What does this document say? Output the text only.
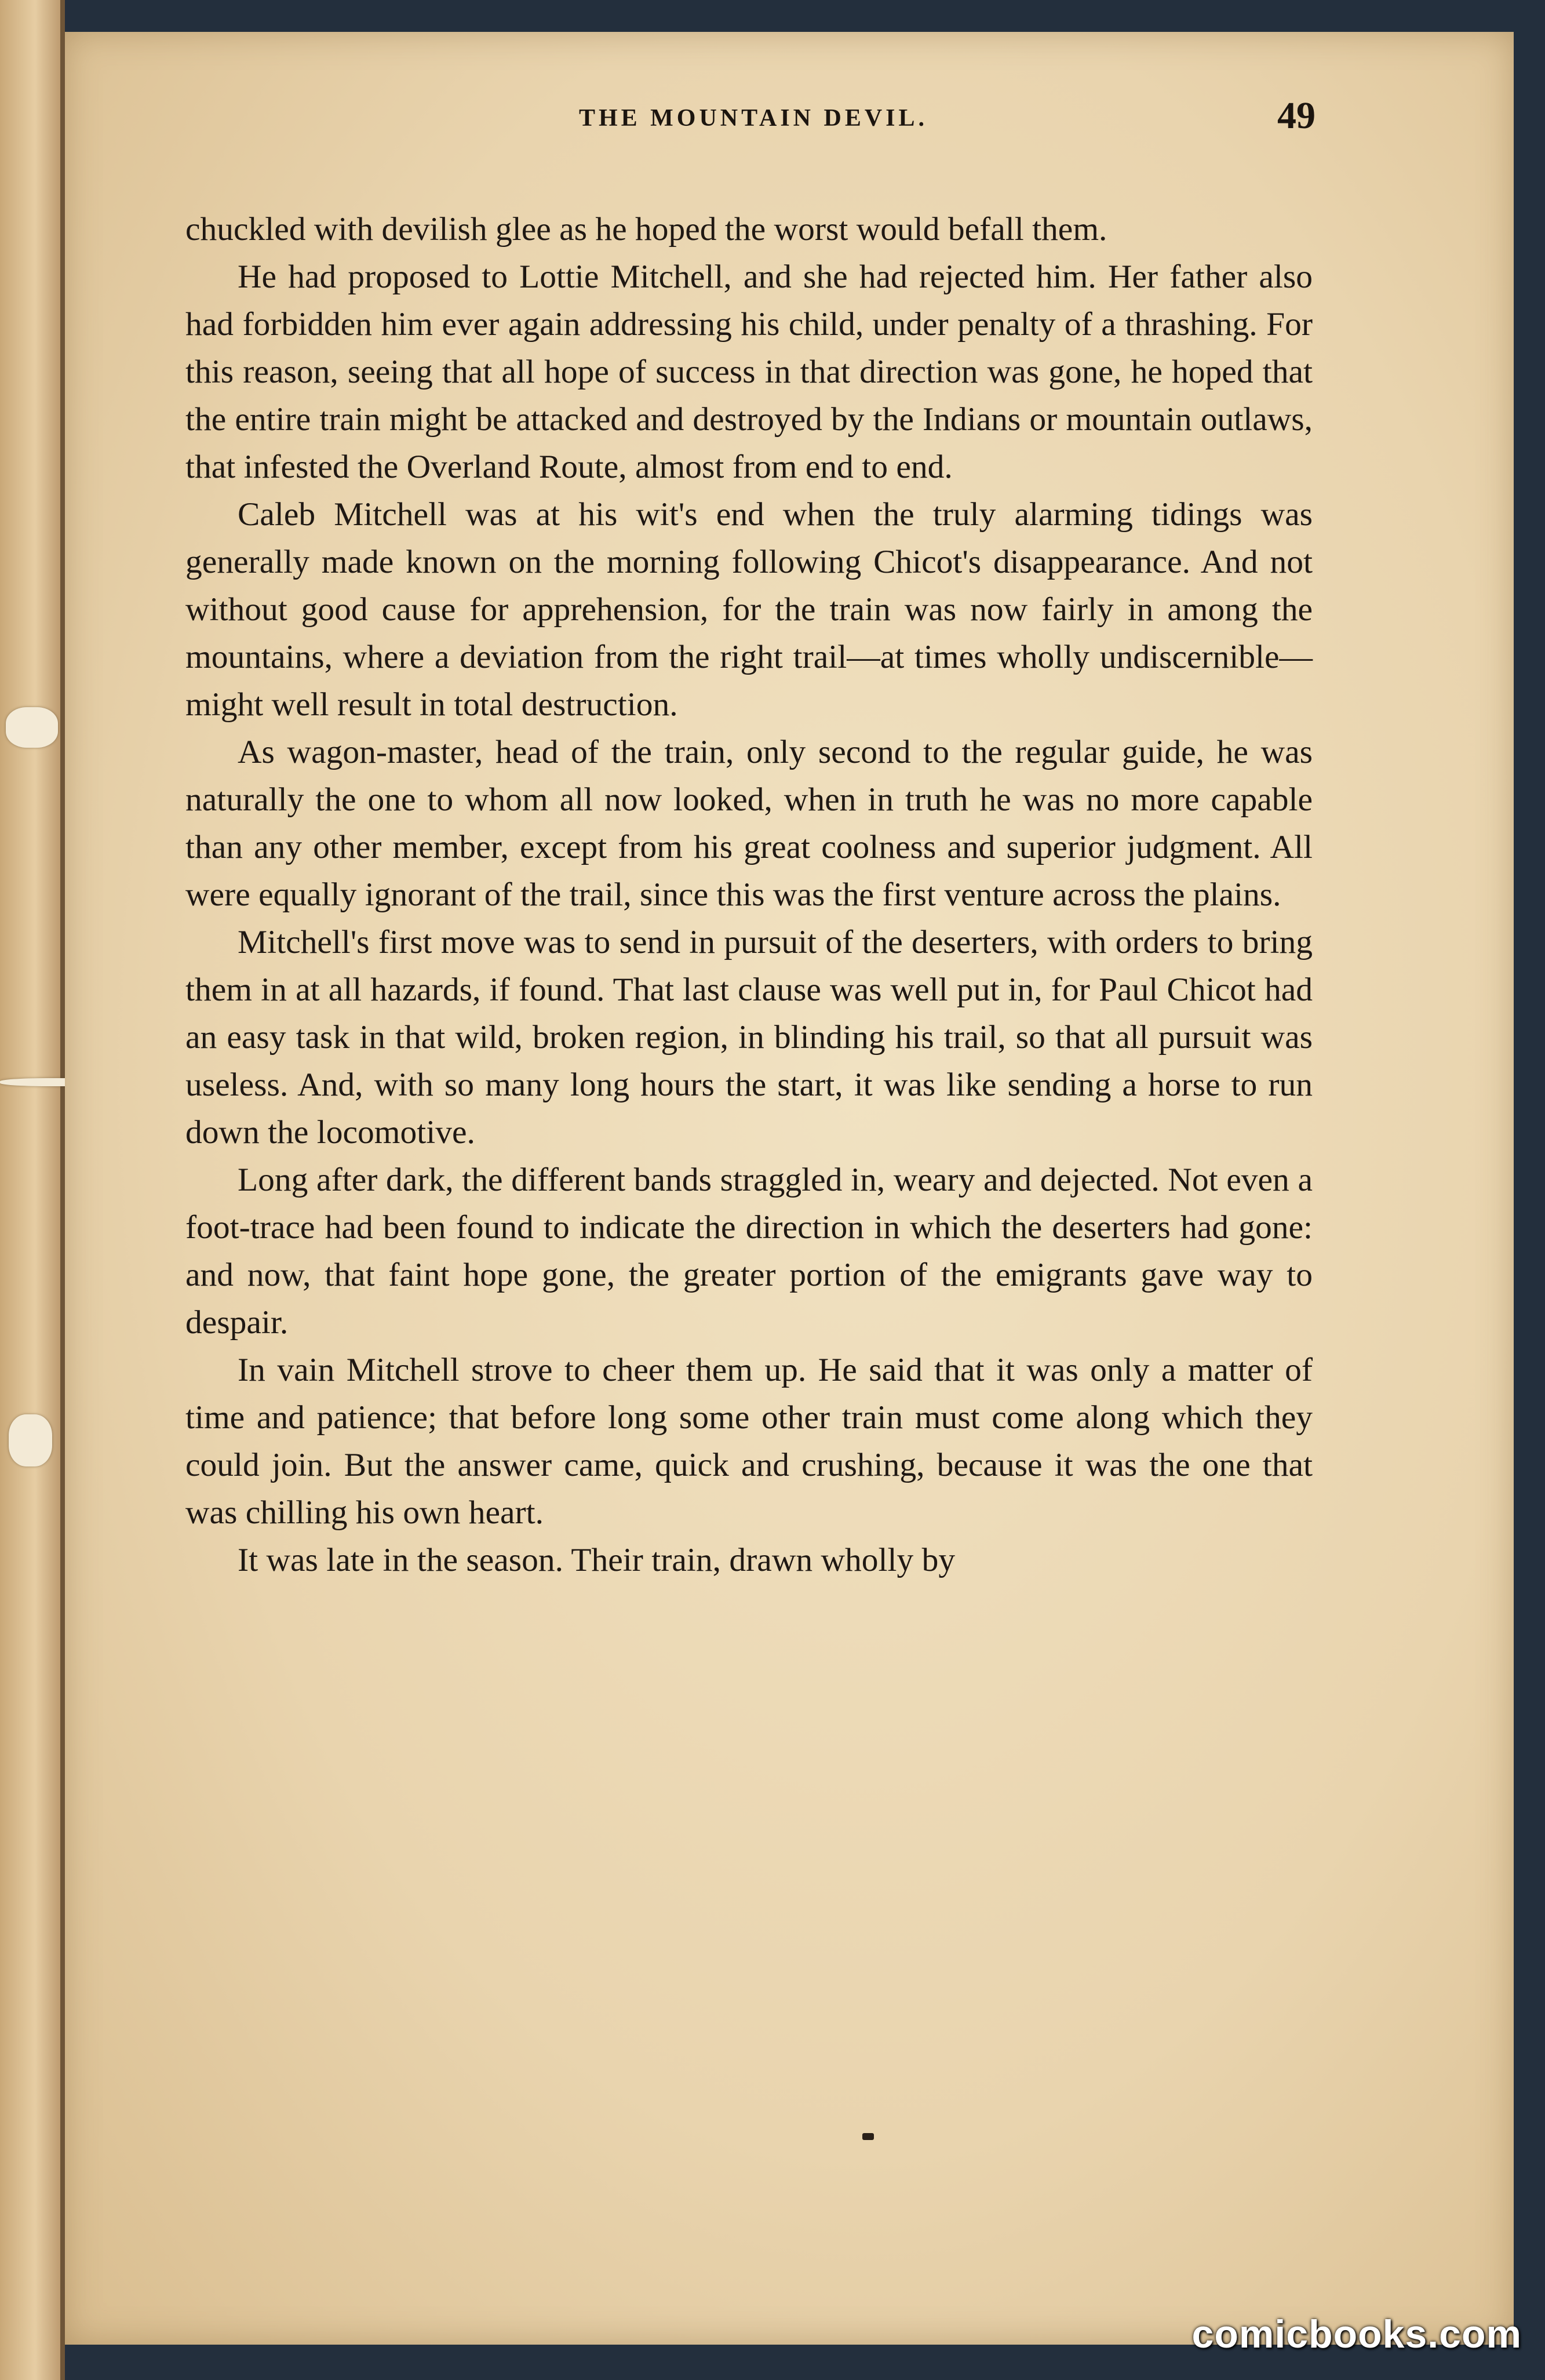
THE MOUNTAIN DEVIL.	49

chuckled with devilish glee as he hoped the worst would befall them.

He had proposed to Lottie Mitchell, and she had rejected him. Her father also had forbidden him ever again addressing his child, under penalty of a thrashing. For this reason, seeing that all hope of success in that direction was gone, he hoped that the entire train might be attacked and destroyed by the Indians or mountain outlaws, that infested the Overland Route, almost from end to end.

Caleb Mitchell was at his wit's end when the truly alarming tidings was generally made known on the morning following Chicot's disappearance. And not without good cause for apprehension, for the train was now fairly in among the mountains, where a deviation from the right trail—at times wholly undiscernible—might well result in total destruction.

As wagon-master, head of the train, only second to the regular guide, he was naturally the one to whom all now looked, when in truth he was no more capable than any other member, except from his great coolness and superior judgment. All were equally ignorant of the trail, since this was the first venture across the plains.

Mitchell's first move was to send in pursuit of the deserters, with orders to bring them in at all hazards, if found. That last clause was well put in, for Paul Chicot had an easy task in that wild, broken region, in blinding his trail, so that all pursuit was useless. And, with so many long hours the start, it was like sending a horse to run down the locomotive.

Long after dark, the different bands straggled in, weary and dejected. Not even a foot-trace had been found to indicate the direction in which the deserters had gone: and now, that faint hope gone, the greater portion of the emigrants gave way to despair.

In vain Mitchell strove to cheer them up. He said that it was only a matter of time and patience; that before long some other train must come along which they could join. But the answer came, quick and crushing, because it was the one that was chilling his own heart.

It was late in the season. Their train, drawn wholly by

comicbooks.com
